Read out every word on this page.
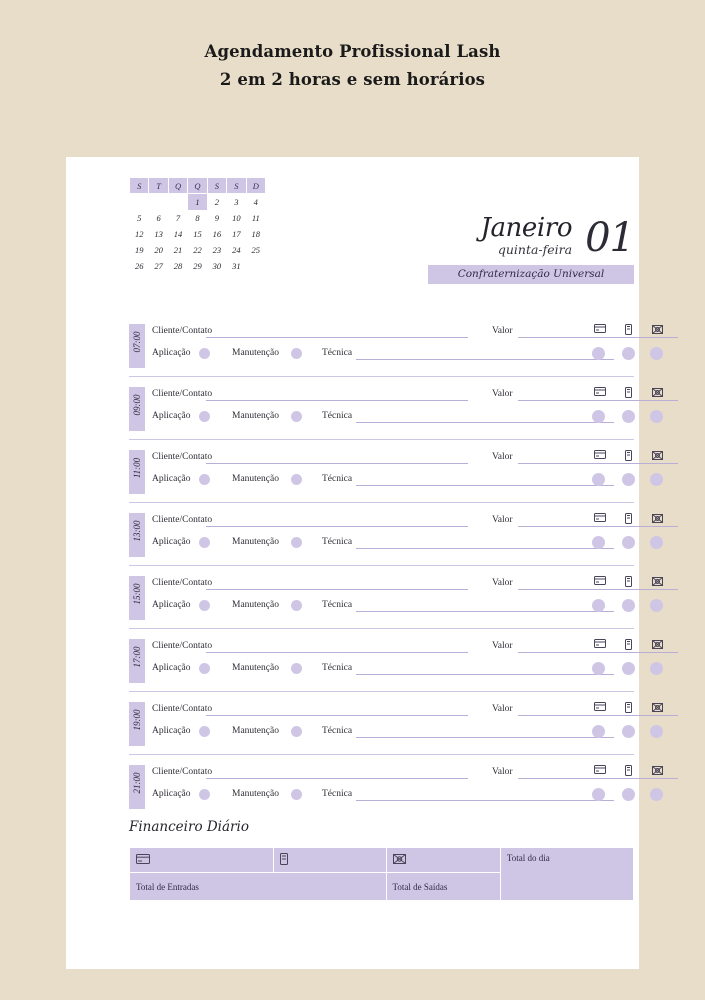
Agendamento Profissional Lash
2 em 2 horas e sem horários
S	T	Q	Q	S	S	D
			1	2	3	4
5	6	7	8	9	10	11
12	13	14	15	16	17	18
19	20	21	22	23	24	25
26	27	28	29	30	31	
Janeiro
quinta-feira 01
Confraternização Universal
07:00
Cliente/Contato	Valor
Aplicação	Manutenção	Técnica
09:00
Cliente/Contato	Valor
Aplicação	Manutenção	Técnica
11:00
Cliente/Contato	Valor
Aplicação	Manutenção	Técnica
13:00
Cliente/Contato	Valor
Aplicação	Manutenção	Técnica
15:00
Cliente/Contato	Valor
Aplicação	Manutenção	Técnica
17:00
Cliente/Contato	Valor
Aplicação	Manutenção	Técnica
19:00
Cliente/Contato	Valor
Aplicação	Manutenção	Técnica
21:00
Cliente/Contato	Valor
Aplicação	Manutenção	Técnica
Financeiro Diário
			Total do dia
Total de Entradas		Total de Saídas	
